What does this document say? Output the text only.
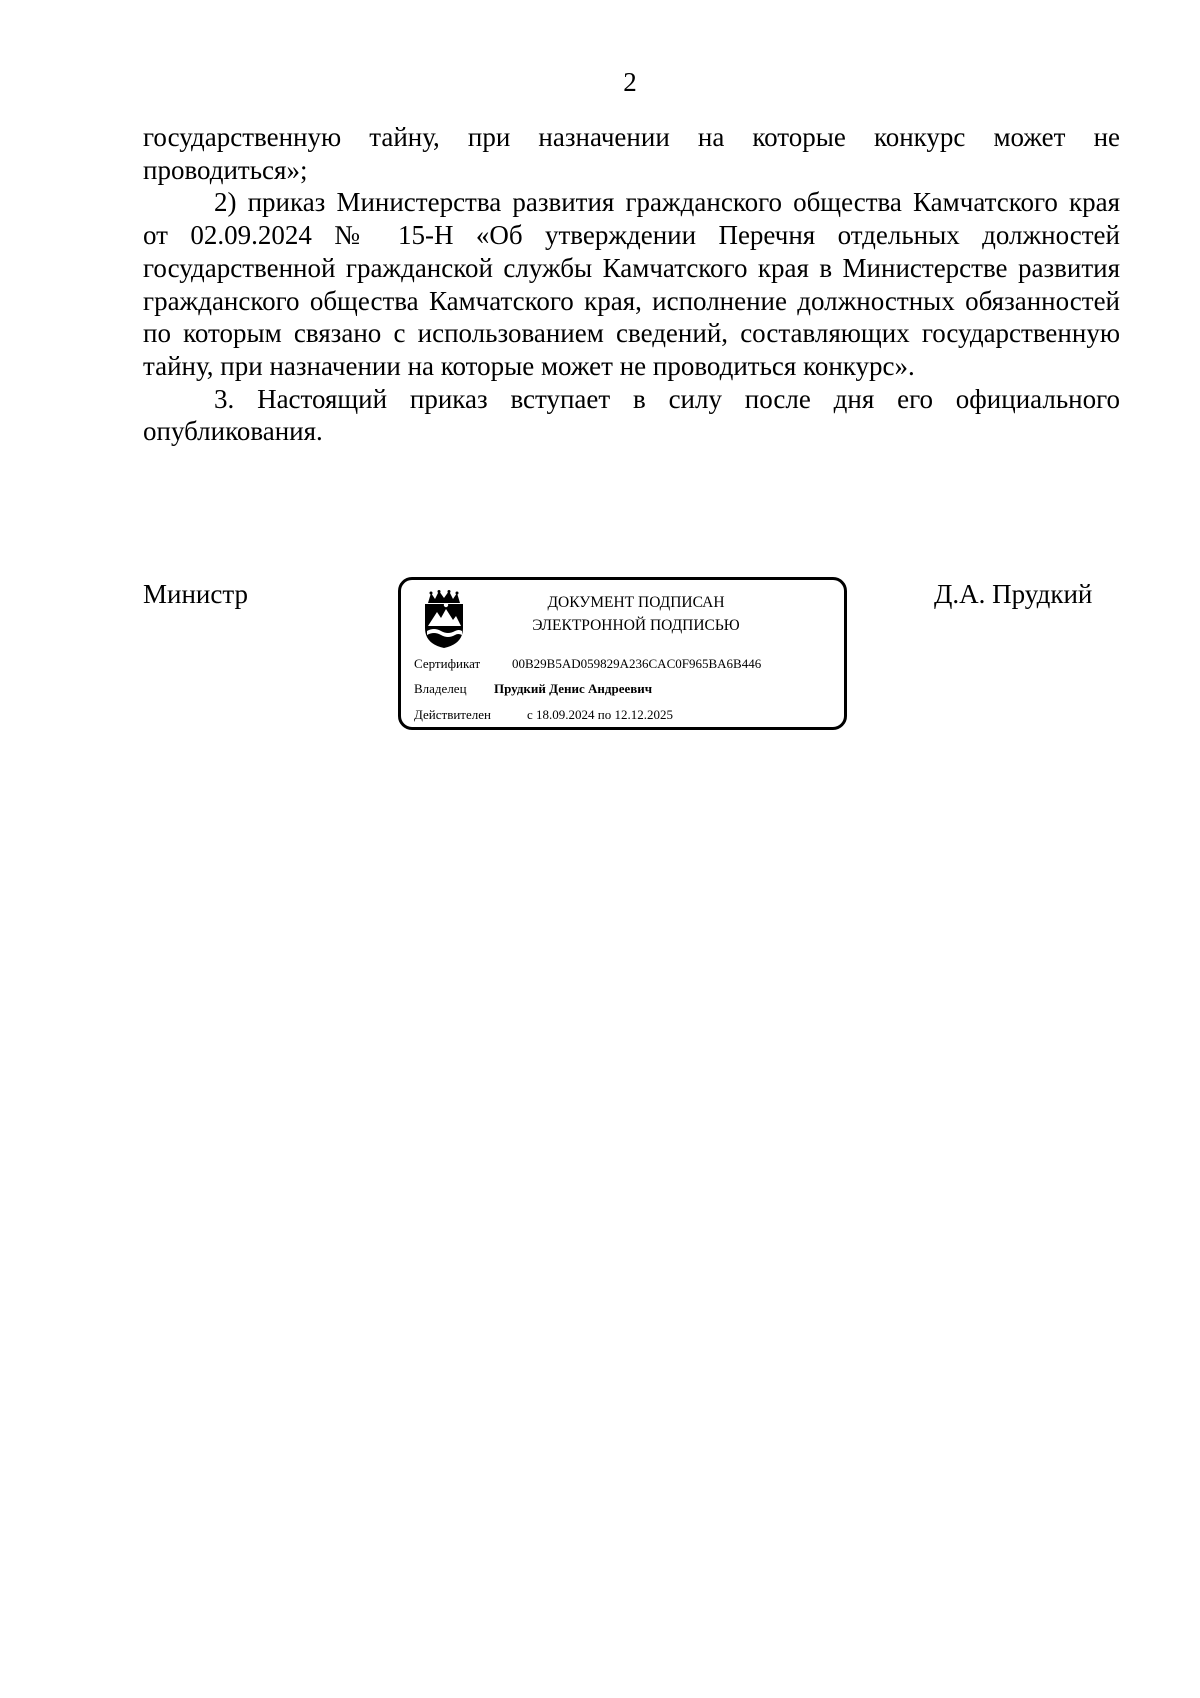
2

государственную тайну, при назначении на которые конкурс может не проводиться»;

2) приказ Министерства развития гражданского общества Камчатского края от 02.09.2024 № 15-Н «Об утверждении Перечня отдельных должностей государственной гражданской службы Камчатского края в Министерстве развития гражданского общества Камчатского края, исполнение должностных обязанностей по которым связано с использованием сведений, составляющих государственную тайну, при назначении на которые может не проводиться конкурс».

3. Настоящий приказ вступает в силу после дня его официального опубликования.

Министр	ДОКУМЕНТ ПОДПИСАН
ЭЛЕКТРОННОЙ ПОДПИСЬЮ
Сертификат 00B29B5AD059829A236CAC0F965BA6B446
Владелец Прудкий Денис Андреевич
Действителен	с 18.09.2024 по 12.12.2025
Д.А. Прудкий
